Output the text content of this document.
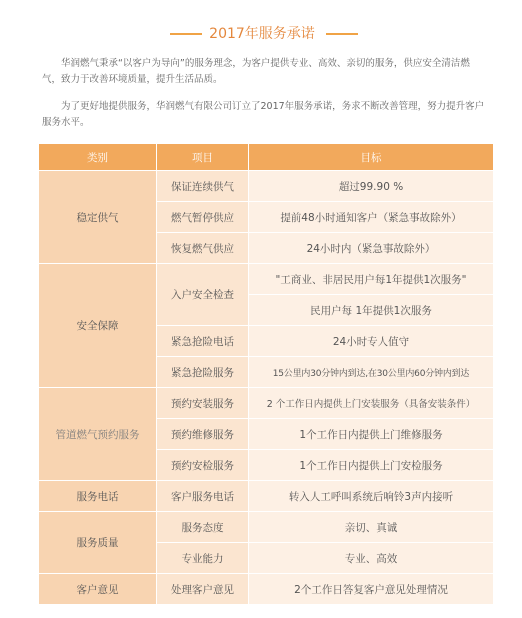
2017年服务承诺

华润燃气秉承“以客户为导向”的服务理念，为客户提供专业、高效、亲切的服务，供应安全清洁燃气，致力于改善环境质量，提升生活品质。

为了更好地提供服务，华润燃气有限公司订立了2017年服务承诺，务求不断改善管理，努力提升客户服务水平。

类别	项目	目标
稳定供气	保证连续供气	超过99.90 %
	燃气暂停供应	提前48小时通知客户（紧急事故除外）
	恢复燃气供应	24小时内（紧急事故除外）
安全保障	入户安全检查	"工商业、非居民用户每1年提供1次服务"
		民用户每 1年提供1次服务
	紧急抢险电话	24小时专人值守
	紧急抢险服务	15公里内30分钟内到达,在30公里内60分钟内到达
管道燃气预约服务	预约安装服务	2 个工作日内提供上门安装服务（具备安装条件）
	预约维修服务	1个工作日内提供上门维修服务
	预约安检服务	1个工作日内提供上门安检服务
服务电话	客户服务电话	转入人工呼叫系统后响铃3声内接听
服务质量	服务态度	亲切、真诚
	专业能力	专业、高效
客户意见	处理客户意见	2个工作日答复客户意见处理情况
